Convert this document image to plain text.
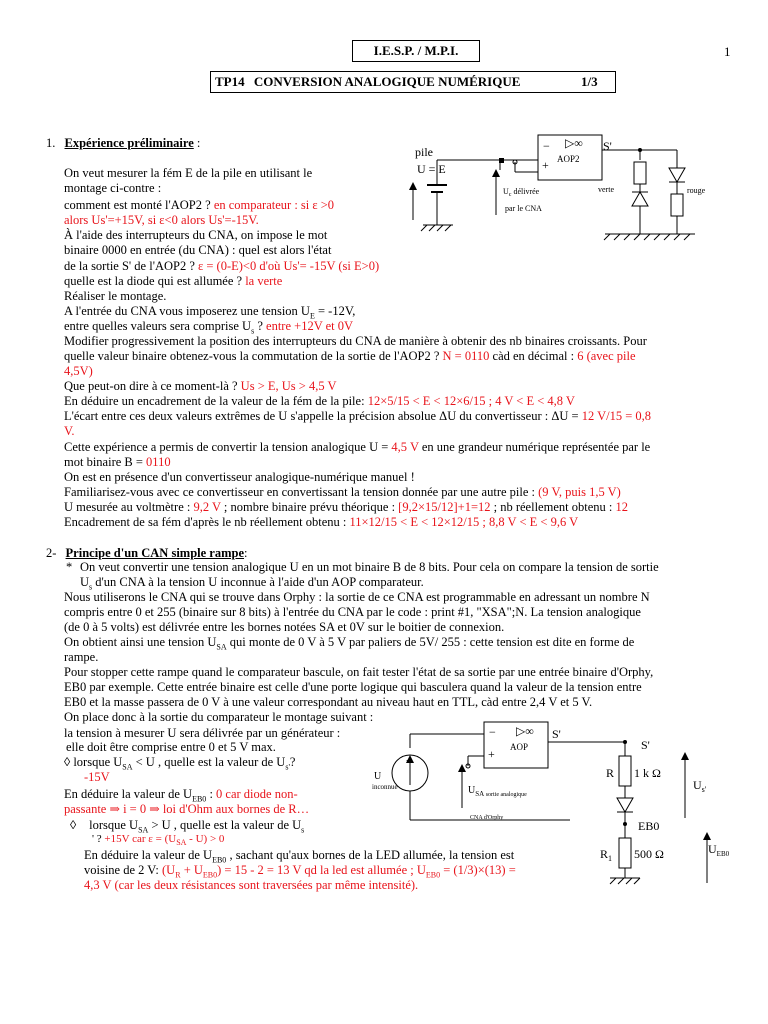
I.E.S.P. / M.P.I.	1
TP14 CONVERSION ANALOGIQUE NUMÉRIQUE	1/3
1. Expérience préliminaire :
On veut mesurer la fém E de la pile en utilisant le
montage ci-contre :
comment est monté l'AOP2 ? en comparateur : si ε >0
alors Us'=+15V, si ε<0 alors Us'=-15V.
À l'aide des interrupteurs du CNA, on impose le mot
binaire 0000 en entrée (du CNA) : quel est alors l'état
de la sortie S' de l'AOP2 ? ε = (0-E)<0 d'où Us'= -15V (si E>0)
quelle est la diode qui est allumée ? la verte
Réaliser le montage.
A l'entrée du CNA vous imposerez une tension $U_E = -12V$,
entre quelles valeurs sera comprise $U_s$ ? entre +12V et 0V
Modifier progressivement la position des interrupteurs du CNA de manière à obtenir des nb binaires croissants. Pour
quelle valeur binaire obtenez-vous la commutation de la sortie de l'AOP2 ? N = 0110 càd en décimal : 6 (avec pile
4,5V)
Que peut-on dire à ce moment-là ? Us > E, Us > 4,5 V
En déduire un encadrement de la valeur de la fém de la pile: 12×5/15 < E < 12×6/15 ; 4 V < E < 4,8 V
L'écart entre ces deux valeurs extrêmes de U s'appelle la précision absolue ΔU du convertisseur : ΔU = 12 V/15 = 0,8
V.
Cette expérience a permis de convertir la tension analogique U = 4,5 V en une grandeur numérique représentée par le
mot binaire B = 0110
On est en présence d'un convertisseur analogique-numérique manuel !
Familiarisez-vous avec ce convertisseur en convertissant la tension donnée par une autre pile : (9 V, puis 1,5 V)
U mesurée au voltmètre : 9,2 V ; nombre binaire prévu théorique : [9,2×15/12]+1=12 ; nb réellement obtenu : 12
Encadrement de sa fém d'après le nb réellement obtenu : 11×12/15 < E < 12×12/15 ; 8,8 V < E < 9,6 V
− ▷∞
+ AOP2
S'
pile
U = E
$U_c$ délivrée
par le CNA
verte	rouge
2- Principe d'un CAN simple rampe:
* On veut convertir une tension analogique U en un mot binaire B de 8 bits. Pour cela on compare la tension de sortie
$U_s$ d'un CNA à la tension U inconnue à l'aide d'un AOP comparateur.
Nous utiliserons le CNA qui se trouve dans Orphy : la sortie de ce CNA est programmable en adressant un nombre N
compris entre 0 et 255 (binaire sur 8 bits) à l'entrée du CNA par le code : print #1, "XSA";N. La tension analogique
(de 0 à 5 volts) est délivrée entre les bornes notées SA et 0V sur le boitier de connexion.
On obtient ainsi une tension $U_{SA}$ qui monte de 0 V à 5 V par paliers de 5V/ 255 : cette tension est dite en forme de
rampe.
Pour stopper cette rampe quand le comparateur bascule, on fait tester l'état de sa sortie par une entrée binaire d'Orphy,
EB0 par exemple. Cette entrée binaire est celle d'une porte logique qui basculera quand la valeur de la tension entre
EB0 et la masse passera de 0 V à une valeur correspondant au niveau haut en TTL, càd entre 2,4 V et 5 V.
On place donc à la sortie du comparateur le montage suivant :
la tension à mesurer U sera délivrée par un générateur :
elle doit être comprise entre 0 et 5 V max.
◊ lorsque $U_{SA} < U$ , quelle est la valeur de $U_{s'}$?
-15V
En déduire la valeur de $U_{EB0}$ : 0 car diode non-
passante ⇒ i = 0 ⇒ loi d'Ohm aux bornes de R…
◊ lorsque $U_{SA} > U$ , quelle est la valeur de $U_s$
' ? +15V car $\varepsilon = (U_{SA} - U) > 0$
En déduire la valeur de $U_{EB0}$ , sachant qu'aux bornes de la LED allumée, la tension est
voisine de 2 V: $(U_R + U_{EB0}) = 15 - 2 = 13$ V qd la led est allumée ; $U_{EB0} = (1/3)\times(13)$ =
4,3 V (car les deux résistances sont traversées par même intensité).
− ▷∞
+ AOP
S'
S'
+
U
inconnue	$U_{SA}$ sortie analogique
CNA d'Orphy
R 1 k Ω
EB0
$R_1$ 500 Ω
$U_{s'}$
$U_{EB0}$
